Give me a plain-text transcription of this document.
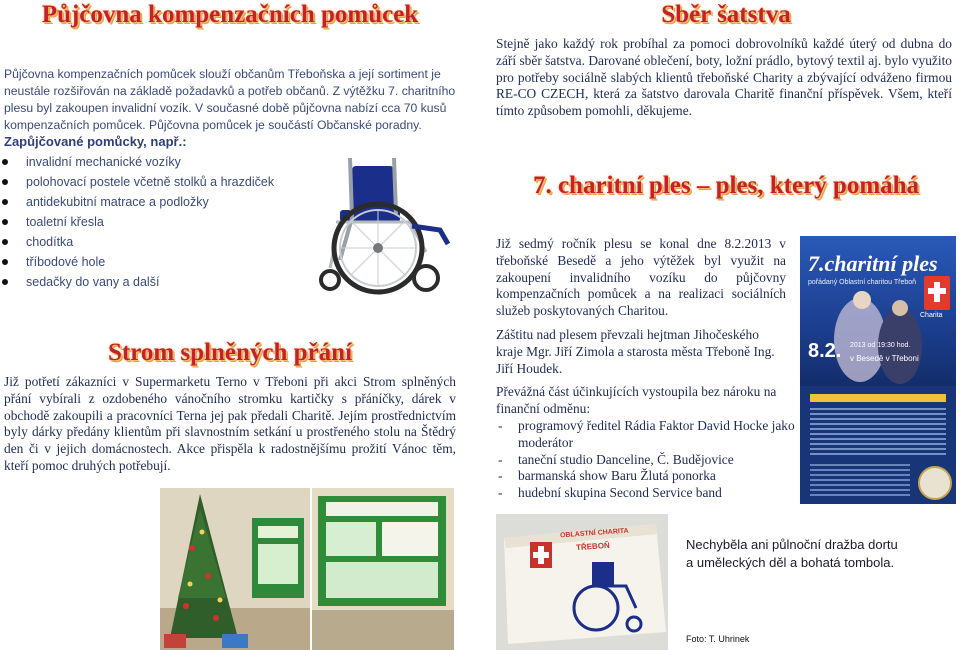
Půjčovna kompenzačních pomůcek
Půjčovna kompenzačních pomůcek slouží občanům Třeboňska a její sortiment je neustále rozšiřován na základě požadavků a potřeb občanů. Z výtěžku 7. charitního plesu byl zakoupen invalidní vozík. V současné době půjčovna nabízí cca 70 kusů kompenzačních pomůcek. Půjčovna pomůcek je součástí Občanské poradny.
Zapůjčované pomůcky, např.:
invalidní mechanické vozíky
polohovací postele včetně stolků a hrazdiček
antidekubitní matrace a podložky
toaletní křesla
chodítka
tříbodové hole
sedačky do vany a další
Strom splněných přání
Již potřetí zákazníci v Supermarketu Terno v Třeboni při akci Strom splněných přání vybírali z ozdobeného vánočního stromku kartičky s přáníčky, dárek v obchodě zakoupili a pracovníci Terna jej pak předali Charitě. Jejím prostřednictvím byly dárky předány klientům při slavnostním setkání u prostřeného stolu na Štědrý den či v jejich domácnostech. Akce přispěla k radostnějšímu prožití Vánoc těm, kteří pomoc druhých potřebují.
Sběr šatstva
Stejně jako každý rok probíhal za pomoci dobrovolníků každé úterý od dubna do září sběr šatstva. Darované oblečení, boty, ložní prádlo, bytový textil aj. bylo využito pro potřeby sociálně slabých klientů třeboňské Charity a zbývající odváženo firmou RE-CO CZECH, která za šatstvo darovala Charitě finanční příspěvek. Všem, kteří tímto způsobem pomohli, děkujeme.
7. charitní ples – ples, který pomáhá
Již sedmý ročník plesu se konal dne 8.2.2013 v třeboňské Besedě a jeho výtěžek byl využit na zakoupení invalidního vozíku do půjčovny kompenzačních pomůcek a na realizaci sociálních služeb poskytovaných Charitou.
Záštitu nad plesem převzali hejtman Jihočeského kraje Mgr. Jiří Zimola a starosta města Třeboně Ing. Jiří Houdek.
Převážná část účinkujících vystoupila bez nároku na finanční odměnu:
- programový ředitel Rádia Faktor David Hocke jako moderátor
- taneční studio Danceline, Č. Budějovice
- barmanská show Baru Žlutá ponorka
- hudební skupina Second Service band
7.charitní ples
pořádaný Oblastní charitou Třeboň
Charita
8.2. 2013 od 19:30 hod.
v Besedě v Třeboni
OBLASTNÍ CHARITA
TŘEBOŇ	Nechyběla ani půlnoční dražba dortu a uměleckých děl a bohatá tombola.
Foto: T. Uhrinek
